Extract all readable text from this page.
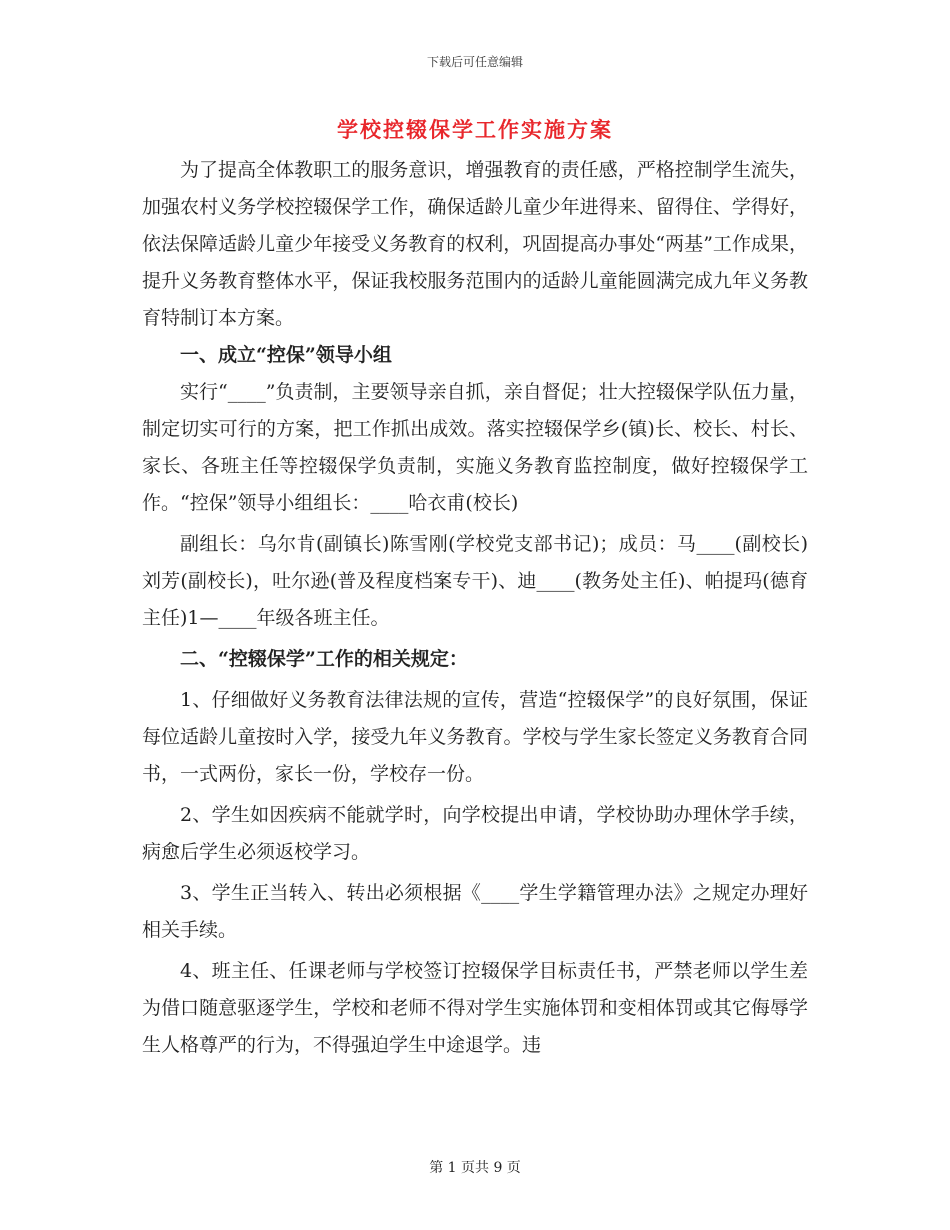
下载后可任意编辑
学校控辍保学工作实施方案

为了提高全体教职工的服务意识，增强教育的责任感，严格控制学生流失，加强农村义务学校控辍保学工作，确保适龄儿童少年进得来、留得住、学得好，依法保障适龄儿童少年接受义务教育的权利，巩固提高办事处“两基”工作成果，提升义务教育整体水平，保证我校服务范围内的适龄儿童能圆满完成九年义务教育特制订本方案。

一、成立“控保”领导小组

实行“____”负责制，主要领导亲自抓，亲自督促；壮大控辍保学队伍力量，制定切实可行的方案，把工作抓出成效。落实控辍保学乡(镇)长、校长、村长、家长、各班主任等控辍保学负责制，实施义务教育监控制度，做好控辍保学工作。“控保”领导小组组长：____哈衣甫(校长)

副组长：乌尔肯(副镇长)陈雪刚(学校党支部书记)；成员：马____(副校长)刘芳(副校长)，吐尔逊(普及程度档案专干)、迪____(教务处主任)、帕提玛(德育主任)1—____年级各班主任。

二、“控辍保学”工作的相关规定：

1、仔细做好义务教育法律法规的宣传，营造“控辍保学”的良好氛围，保证每位适龄儿童按时入学，接受九年义务教育。学校与学生家长签定义务教育合同书，一式两份，家长一份，学校存一份。

2、学生如因疾病不能就学时，向学校提出申请，学校协助办理休学手续，病愈后学生必须返校学习。

3、学生正当转入、转出必须根据《____学生学籍管理办法》之规定办理好相关手续。

4、班主任、任课老师与学校签订控辍保学目标责任书，严禁老师以学生差为借口随意驱逐学生，学校和老师不得对学生实施体罚和变相体罚或其它侮辱学生人格尊严的行为，不得强迫学生中途退学。违

第 1 页共 9 页
